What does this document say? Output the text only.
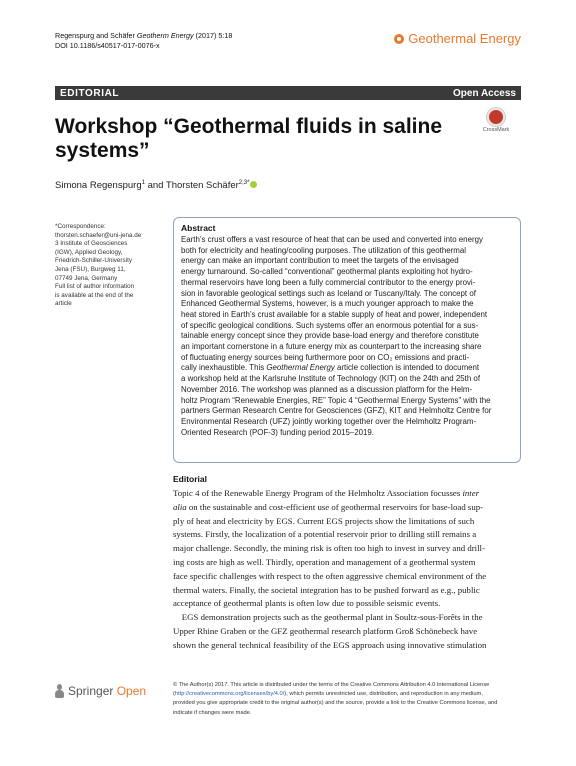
Regenspurg and Schäfer Geotherm Energy (2017) 5:18
DOI 10.1186/s40517-017-0076-x	Geothermal Energy
EDITORIAL	Open Access
Workshop “Geothermal fluids in saline
systems”
CrossMark
Simona Regenspurg$^1$ and Thorsten Schäfer$^{2,3*}$
*Correspondence:
thorsten.schaefer@uni-jena.de
3 Institute of Geosciences
(IGW), Applied Geology,
Friedrich-Schiller-University
Jena (FSU), Burgweg 11,
07749 Jena, Germany
Full list of author information
is available at the end of the
article
Abstract
Earth’s crust offers a vast resource of heat that can be used and converted into energy
both for electricity and heating/cooling purposes. The utilization of this geothermal
energy can make an important contribution to meet the targets of the envisaged
energy turnaround. So-called “conventional” geothermal plants exploiting hot hydro-
thermal reservoirs have long been a fully commercial contributor to the energy provi-
sion in favorable geological settings such as Iceland or Tuscany/Italy. The concept of
Enhanced Geothermal Systems, however, is a much younger approach to make the
heat stored in Earth’s crust available for a stable supply of heat and power, independent
of specific geological conditions. Such systems offer an enormous potential for a sus-
tainable energy concept since they provide base-load energy and therefore constitute
an important cornerstone in a future energy mix as counterpart to the increasing share
of fluctuating energy sources being furthermore poor on CO₂ emissions and practi-
cally inexhaustible. This Geothermal Energy article collection is intended to document
a workshop held at the Karlsruhe Institute of Technology (KIT) on the 24th and 25th of
November 2016. The workshop was planned as a discussion platform for the Helm-
holtz Program “Renewable Energies, RE” Topic 4 “Geothermal Energy Systems” with the
partners German Research Centre for Geosciences (GFZ), KIT and Helmholtz Centre for
Environmental Research (UFZ) jointly working together over the Helmholtz Program-
Oriented Research (POF-3) funding period 2015–2019.
Editorial
Topic 4 of the Renewable Energy Program of the Helmholtz Association focusses inter
alia on the sustainable and cost-efficient use of geothermal reservoirs for base-load sup-
ply of heat and electricity by EGS. Current EGS projects show the limitations of such
systems. Firstly, the localization of a potential reservoir prior to drilling still remains a
major challenge. Secondly, the mining risk is often too high to invest in survey and drill-
ing costs are high as well. Thirdly, operation and management of a geothermal system
face specific challenges with respect to the often aggressive chemical environment of the
thermal waters. Finally, the societal integration has to be pushed forward as e.g., public
acceptance of geothermal plants is often low due to possible seismic events.
EGS demonstration projects such as the geothermal plant in Soultz-sous-Forêts in the
Upper Rhine Graben or the GFZ geothermal research platform Groß Schönebeck have
shown the general technical feasibility of the EGS approach using innovative stimulation
Springer Open	© The Author(s) 2017. This article is distributed under the terms of the Creative Commons Attribution 4.0 International License
(http://creativecommons.org/licenses/by/4.0/), which permits unrestricted use, distribution, and reproduction in any medium,
provided you give appropriate credit to the original author(s) and the source, provide a link to the Creative Commons license, and
indicate if changes were made.
